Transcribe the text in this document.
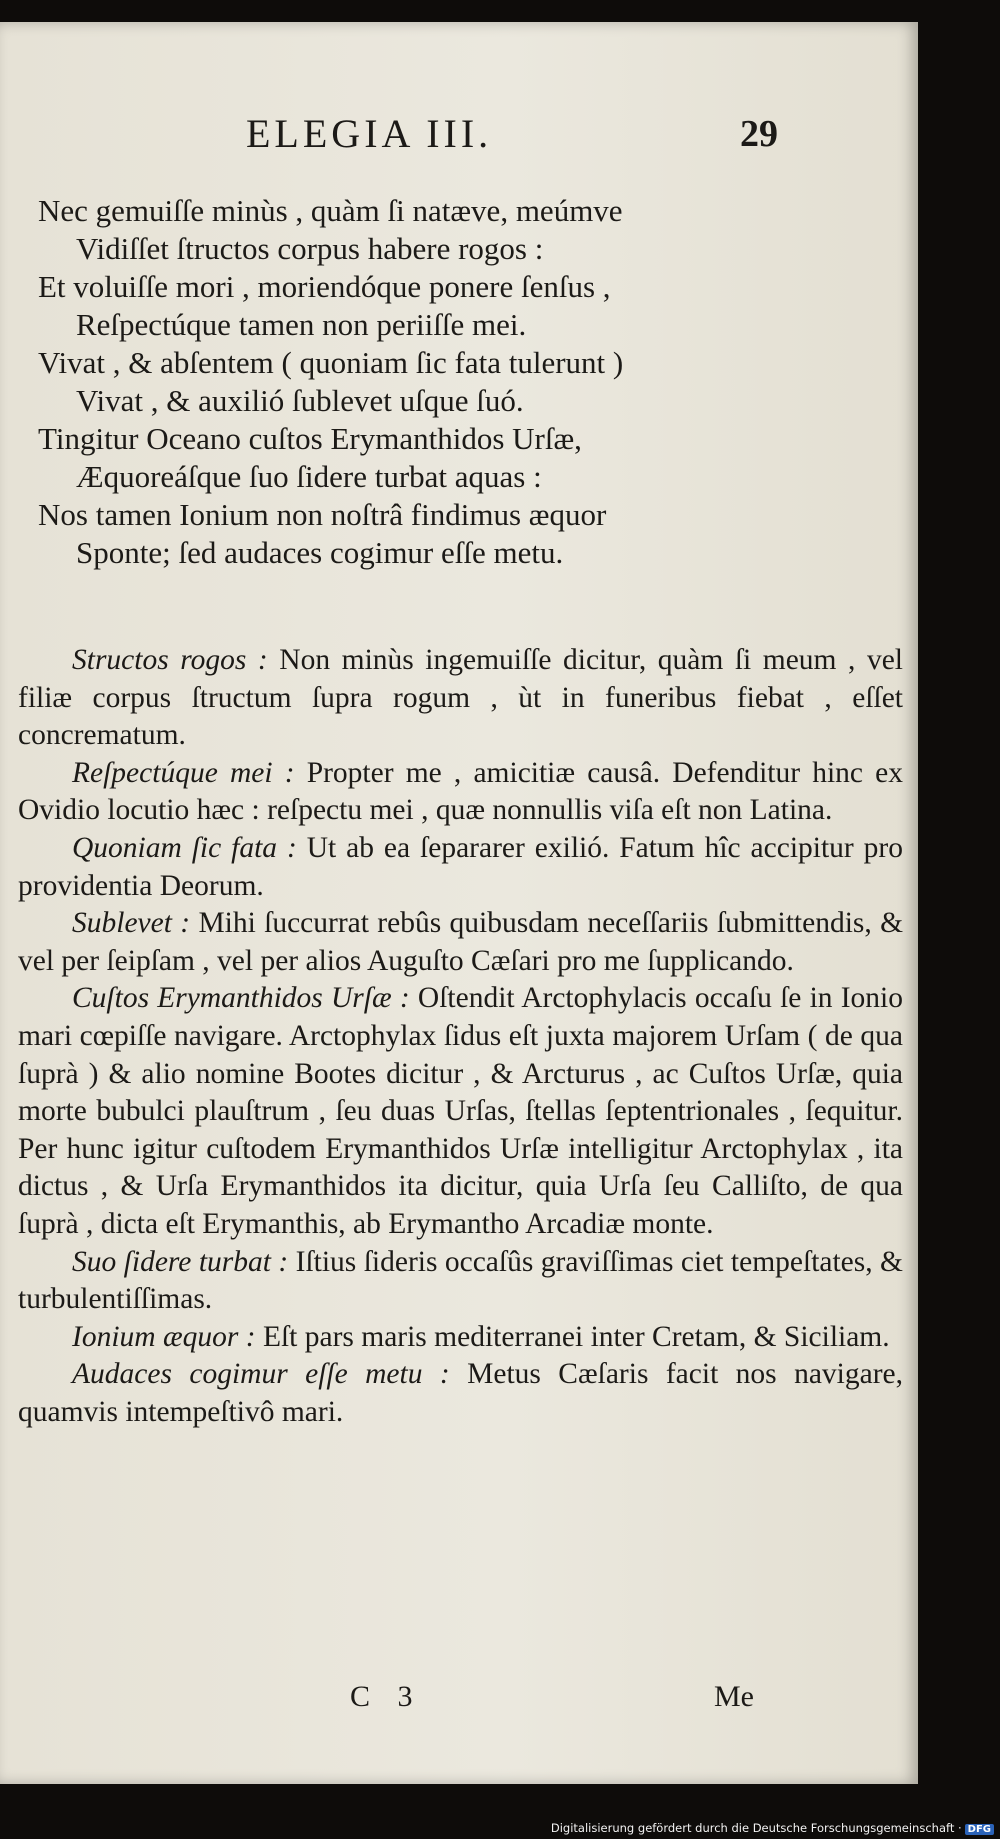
ELEGIA III.	29
Nec gemuiſſe minùs , quàm ſi natæve, meúmve
Vidiſſet ſtructos corpus habere rogos :
Et voluiſſe mori , moriendóque ponere ſenſus ,
Reſpectúque tamen non periiſſe mei.
Vivat , & abſentem ( quoniam ſic fata tulerunt )
Vivat , & auxilió ſublevet uſque ſuó.
Tingitur Oceano cuſtos Erymanthidos Urſæ,
Æquoreáſque ſuo ſidere turbat aquas :
Nos tamen Ionium non noſtrâ findimus æquor
Sponte; ſed audaces cogimur eſſe metu.

Structos rogos : Non minùs ingemuiſſe dicitur, quàm ſi meum , vel filiæ corpus ſtructum ſupra rogum , ùt in funeribus fiebat , eſſet concrematum.

Reſpectúque mei : Propter me , amicitiæ causâ. Defenditur hinc ex Ovidio locutio hæc : reſpectu mei , quæ nonnullis viſa eſt non Latina.

Quoniam ſic fata : Ut ab ea ſepararer exilió. Fatum hîc accipitur pro providentia Deorum.

Sublevet : Mihi ſuccurrat rebûs quibusdam neceſſariis ſubmittendis, & vel per ſeipſam , vel per alios Auguſto Cæſari pro me ſupplicando.

Cuſtos Erymanthidos Urſæ : Oſtendit Arctophylacis occaſu ſe in Ionio mari cœpiſſe navigare. Arctophylax ſidus eſt juxta majorem Urſam ( de qua ſuprà ) & alio nomine Bootes dicitur , & Arcturus , ac Cuſtos Urſæ, quia morte bubulci plauſtrum , ſeu duas Urſas, ſtellas ſeptentrionales , ſequitur. Per hunc igitur cuſtodem Erymanthidos Urſæ intelligitur Arctophylax , ita dictus , & Urſa Erymanthidos ita dicitur, quia Urſa ſeu Calliſto, de qua ſuprà , dicta eſt Erymanthis, ab Erymantho Arcadiæ monte.

Suo ſidere turbat : Iſtius ſideris occaſûs graviſſimas ciet tempeſtates, & turbulentiſſimas.

Ionium æquor : Eſt pars maris mediterranei inter Cretam, & Siciliam.

Audaces cogimur eſſe metu : Metus Cæſaris facit nos navigare, quamvis intempeſtivô mari.

C 3	Me
Digitalisierung gefördert durch die Deutsche Forschungsgemeinschaft · DFG
